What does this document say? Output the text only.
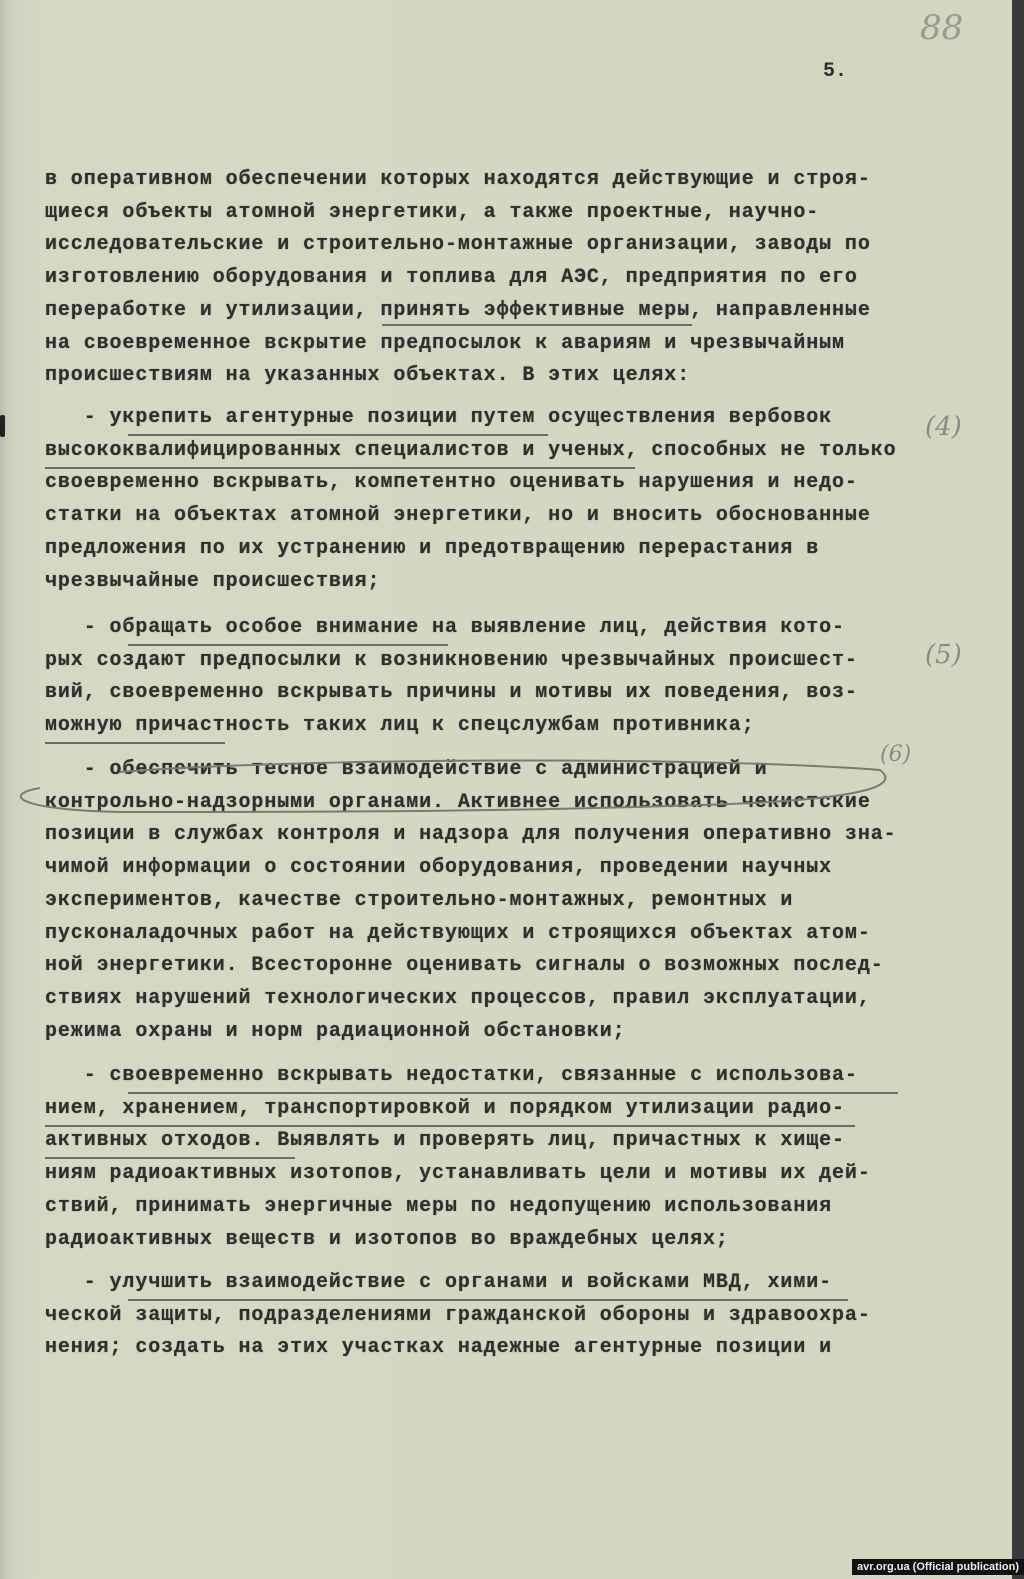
5.
88
в оперативном обеспечении которых находятся действующие и строя-
щиеся объекты атомной энергетики, а также проектные, научно-
исследовательские и строительно-монтажные организации, заводы по
изготовлению оборудования и топлива для АЭС, предприятия по его
переработке и утилизации, принять эффективные меры, направленные
на своевременное вскрытие предпосылок к авариям и чрезвычайным
происшествиям на указанных объектах. В этих целях:
- укрепить агентурные позиции путем осуществления вербовок
высококвалифицированных специалистов и ученых, способных не только
своевременно вскрывать, компетентно оценивать нарушения и недо-
статки на объектах атомной энергетики, но и вносить обоснованные
предложения по их устранению и предотвращению перерастания в
чрезвычайные происшествия;
- обращать особое внимание на выявление лиц, действия кото-
рых создают предпосылки к возникновению чрезвычайных происшест-
вий, своевременно вскрывать причины и мотивы их поведения, воз-
можную причастность таких лиц к спецслужбам противника;
- обеспечить тесное взаимодействие с администрацией и
контрольно-надзорными органами. Активнее использовать чекистские
позиции в службах контроля и надзора для получения оперативно зна-
чимой информации о состоянии оборудования, проведении научных
экспериментов, качестве строительно-монтажных, ремонтных и
пусконаладочных работ на действующих и строящихся объектах атом-
ной энергетики. Всесторонне оценивать сигналы о возможных послед-
ствиях нарушений технологических процессов, правил эксплуатации,
режима охраны и норм радиационной обстановки;
- своевременно вскрывать недостатки, связанные с использова-
нием, хранением, транспортировкой и порядком утилизации радио-
активных отходов. Выявлять и проверять лиц, причастных к хище-
ниям радиоактивных изотопов, устанавливать цели и мотивы их дей-
ствий, принимать энергичные меры по недопущению использования
радиоактивных веществ и изотопов во враждебных целях;
- улучшить взаимодействие с органами и войсками МВД, хими-
ческой защиты, подразделениями гражданской обороны и здравоохра-
нения; создать на этих участках надежные агентурные позиции и
(4)
(5)
(6)
avr.org.ua (Official publication)
